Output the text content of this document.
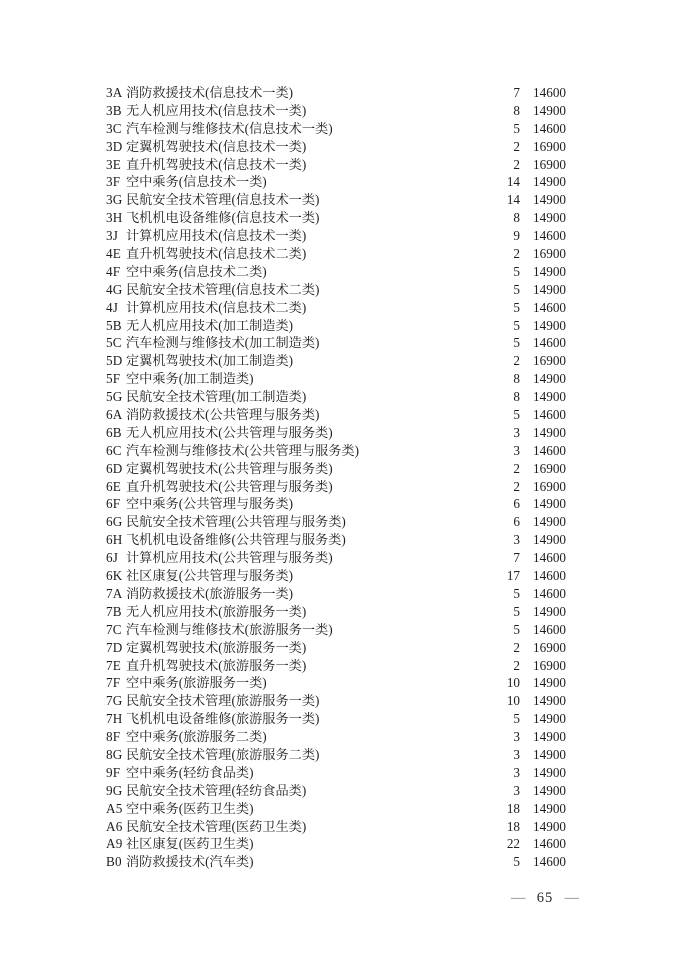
3A 消防救援技术(信息技术一类)	7 14600
3B 无人机应用技术(信息技术一类)	8 14900
3C 汽车检测与维修技术(信息技术一类)	5 14600
3D 定翼机驾驶技术(信息技术一类)	2 16900
3E 直升机驾驶技术(信息技术一类)	2 16900
3F 空中乘务(信息技术一类)	14 14900
3G 民航安全技术管理(信息技术一类)	14 14900
3H 飞机机电设备维修(信息技术一类)	8 14900
3J 计算机应用技术(信息技术一类)	9 14600
4E 直升机驾驶技术(信息技术二类)	2 16900
4F 空中乘务(信息技术二类)	5 14900
4G 民航安全技术管理(信息技术二类)	5 14900
4J 计算机应用技术(信息技术二类)	5 14600
5B 无人机应用技术(加工制造类)	5 14900
5C 汽车检测与维修技术(加工制造类)	5 14600
5D 定翼机驾驶技术(加工制造类)	2 16900
5F 空中乘务(加工制造类)	8 14900
5G 民航安全技术管理(加工制造类)	8 14900
6A 消防救援技术(公共管理与服务类)	5 14600
6B 无人机应用技术(公共管理与服务类)	3 14900
6C 汽车检测与维修技术(公共管理与服务类)	3 14600
6D 定翼机驾驶技术(公共管理与服务类)	2 16900
6E 直升机驾驶技术(公共管理与服务类)	2 16900
6F 空中乘务(公共管理与服务类)	6 14900
6G 民航安全技术管理(公共管理与服务类)	6 14900
6H 飞机机电设备维修(公共管理与服务类)	3 14900
6J 计算机应用技术(公共管理与服务类)	7 14600
6K 社区康复(公共管理与服务类)	17 14600
7A 消防救援技术(旅游服务一类)	5 14600
7B 无人机应用技术(旅游服务一类)	5 14900
7C 汽车检测与维修技术(旅游服务一类)	5 14600
7D 定翼机驾驶技术(旅游服务一类)	2 16900
7E 直升机驾驶技术(旅游服务一类)	2 16900
7F 空中乘务(旅游服务一类)	10 14900
7G 民航安全技术管理(旅游服务一类)	10 14900
7H 飞机机电设备维修(旅游服务一类)	5 14900
8F 空中乘务(旅游服务二类)	3 14900
8G 民航安全技术管理(旅游服务二类)	3 14900
9F 空中乘务(轻纺食品类)	3 14900
9G 民航安全技术管理(轻纺食品类)	3 14900
A5 空中乘务(医药卫生类)	18 14900
A6 民航安全技术管理(医药卫生类)	18 14900
A9 社区康复(医药卫生类)	22 14600
B0 消防救援技术(汽车类)	5 14600
— 65 —
